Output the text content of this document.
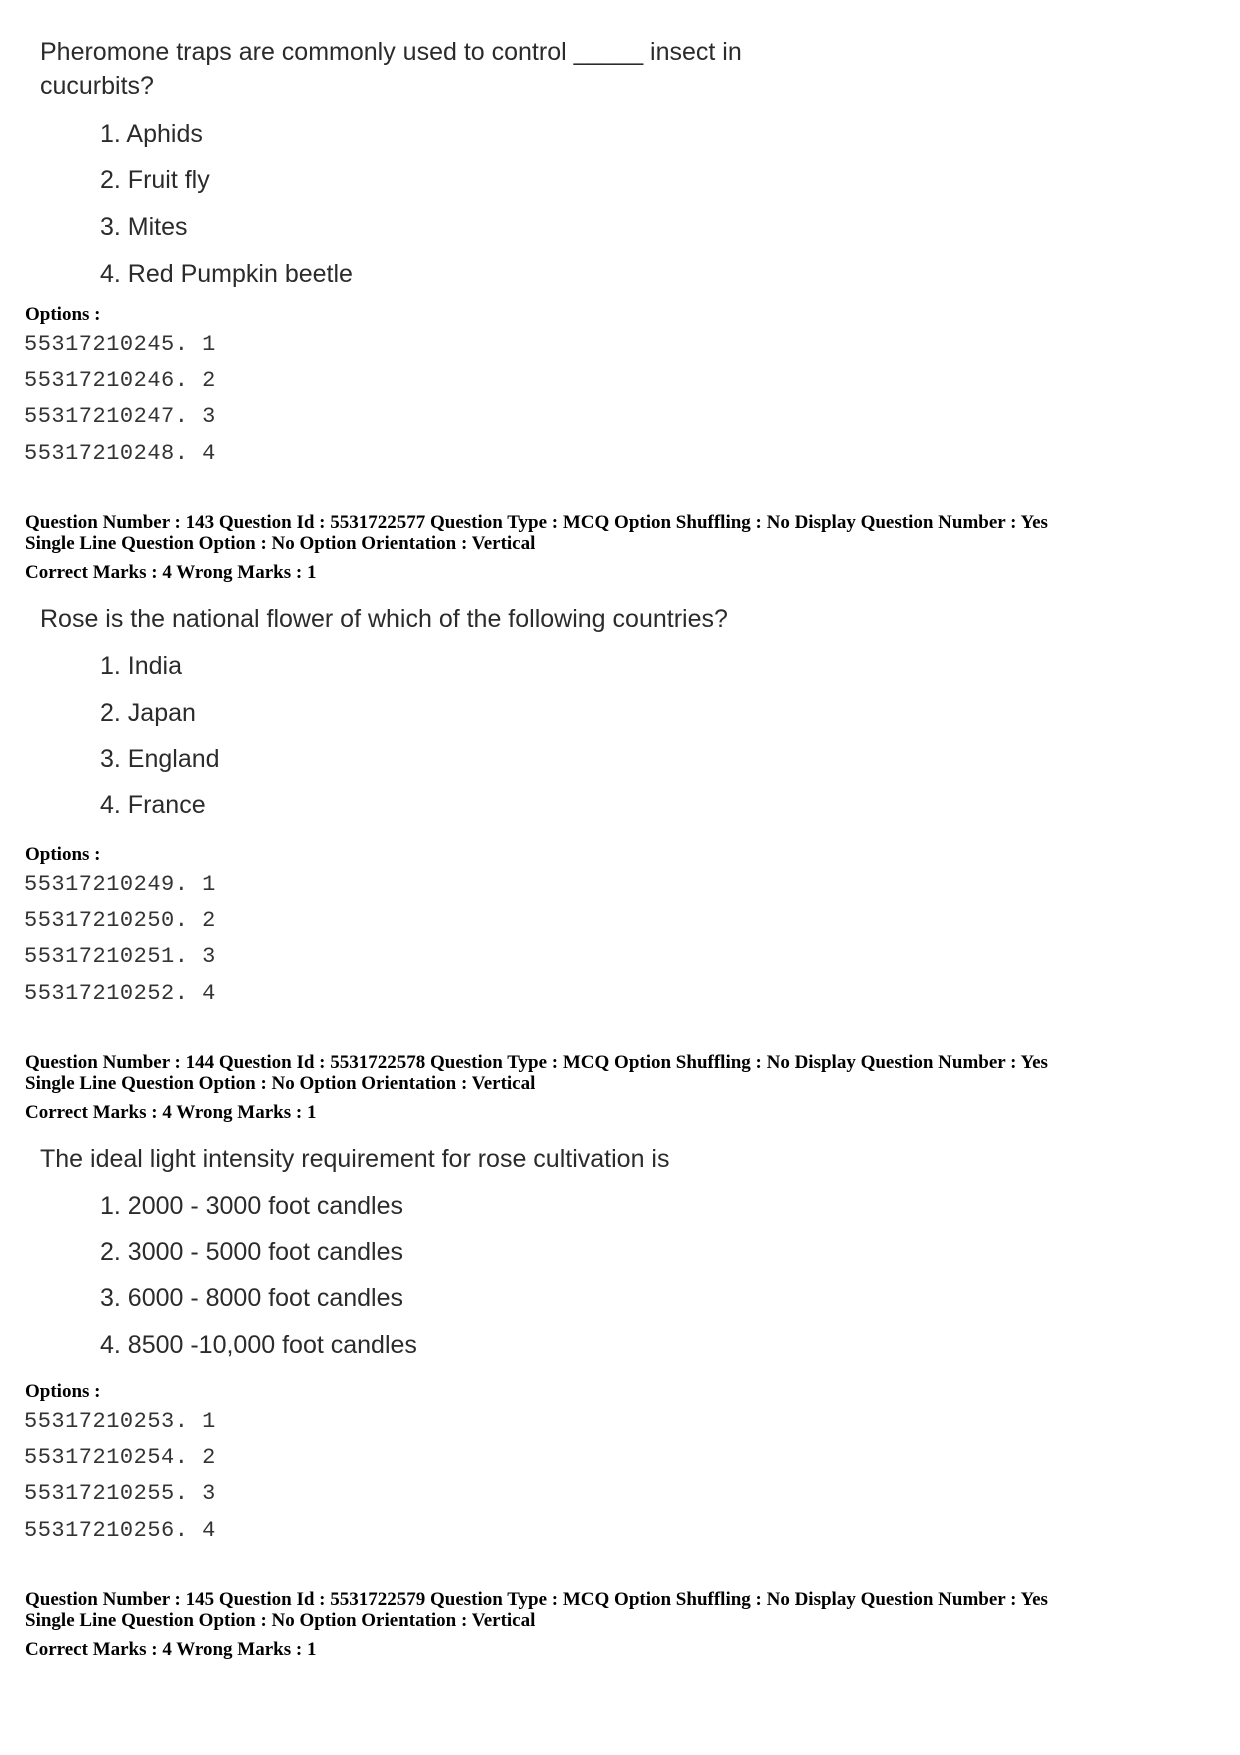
Pheromone traps are commonly used to control _____ insect in
cucurbits?
1. Aphids
2. Fruit fly
3. Mites
4. Red Pumpkin beetle
Options :
55317210245. 1
55317210246. 2
55317210247. 3
55317210248. 4
Question Number : 143 Question Id : 5531722577 Question Type : MCQ Option Shuffling : No Display Question Number : Yes
Single Line Question Option : No Option Orientation : Vertical
Correct Marks : 4 Wrong Marks : 1
Rose is the national flower of which of the following countries?
1. India
2. Japan
3. England
4. France
Options :
55317210249. 1
55317210250. 2
55317210251. 3
55317210252. 4
Question Number : 144 Question Id : 5531722578 Question Type : MCQ Option Shuffling : No Display Question Number : Yes
Single Line Question Option : No Option Orientation : Vertical
Correct Marks : 4 Wrong Marks : 1
The ideal light intensity requirement for rose cultivation is
1. 2000 - 3000 foot candles
2. 3000 - 5000 foot candles
3. 6000 - 8000 foot candles
4. 8500 -10,000 foot candles
Options :
55317210253. 1
55317210254. 2
55317210255. 3
55317210256. 4
Question Number : 145 Question Id : 5531722579 Question Type : MCQ Option Shuffling : No Display Question Number : Yes
Single Line Question Option : No Option Orientation : Vertical
Correct Marks : 4 Wrong Marks : 1
